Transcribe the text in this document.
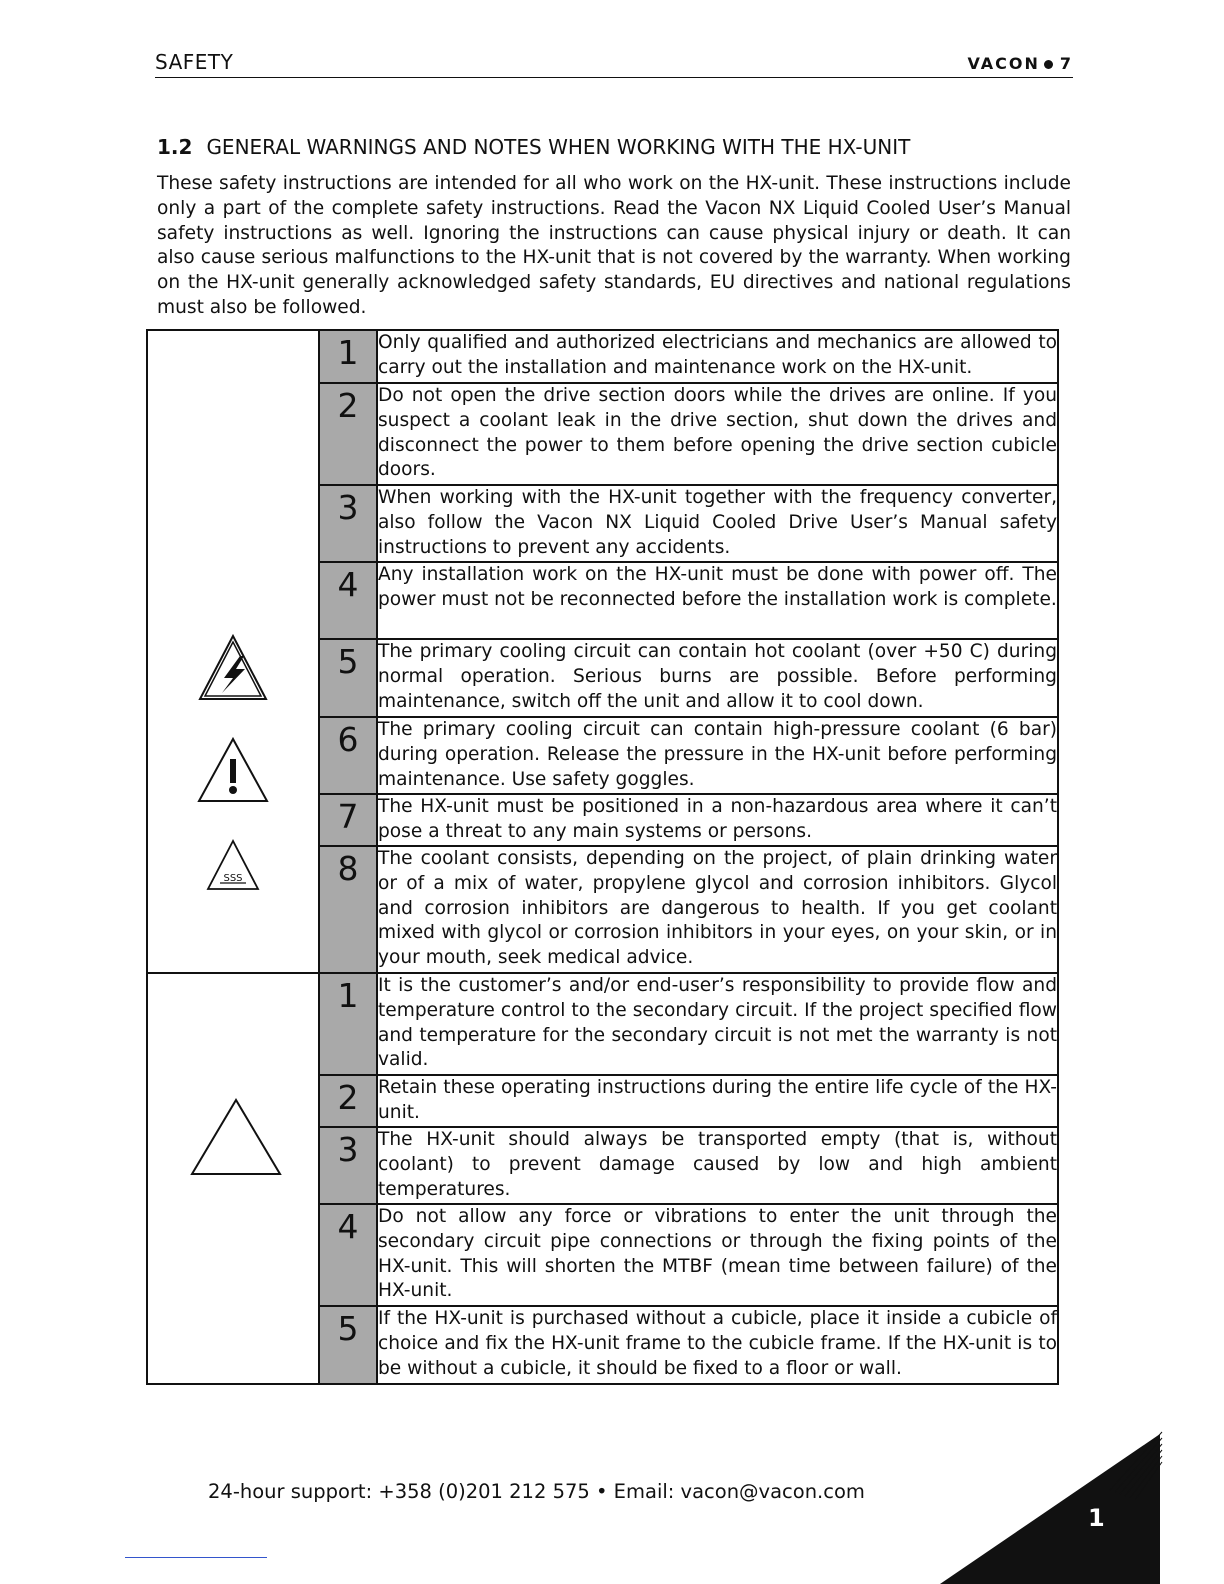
SAFETY	VACON 7
1.2 GENERAL WARNINGS AND NOTES WHEN WORKING WITH THE HX-UNIT
These safety instructions are intended for all who work on the HX-unit. These instructions include only a part of the complete safety instructions. Read the Vacon NX Liquid Cooled User’s Manual safety instructions as well. Ignoring the instructions can cause physical injury or death. It can also cause serious malfunctions to the HX-unit that is not covered by the warranty. When working on the HX-unit generally acknowledged safety standards, EU directives and national regulations must also be followed.
SSS	1	Only qualified and authorized electricians and mechanics are allowed to carry out the installation and maintenance work on the HX-unit.
	2	Do not open the drive section doors while the drives are online. If you suspect a coolant leak in the drive section, shut down the drives and disconnect the power to them before opening the drive section cubicle doors.
	3	When working with the HX-unit together with the frequency converter, also follow the Vacon NX Liquid Cooled Drive User’s Manual safety instructions to prevent any accidents.
	4	Any installation work on the HX-unit must be done with power off. The power must not be reconnected before the installation work is complete.
	5	The primary cooling circuit can contain hot coolant (over +50 C) during normal operation. Serious burns are possible. Before performing maintenance, switch off the unit and allow it to cool down.
	6	The primary cooling circuit can contain high-pressure coolant (6 bar) during operation. Release the pressure in the HX-unit before performing maintenance. Use safety goggles.
	7	The HX-unit must be positioned in a non-hazardous area where it can’t pose a threat to any main systems or persons.
	8	The coolant consists, depending on the project, of plain drinking water or of a mix of water, propylene glycol and corrosion inhibitors. Glycol and corrosion inhibitors are dangerous to health. If you get coolant mixed with glycol or corrosion inhibitors in your eyes, on your skin, or in your mouth, seek medical advice.

	1	It is the customer’s and/or end-user’s responsibility to provide flow and temperature control to the secondary circuit. If the project specified flow and temperature for the secondary circuit is not met the warranty is not valid.
	2	Retain these operating instructions during the entire life cycle of the HX-unit.
	3	The HX-unit should always be transported empty (that is, without coolant) to prevent damage caused by low and high ambient temperatures.
	4	Do not allow any force or vibrations to enter the unit through the secondary circuit pipe connections or through the fixing points of the HX-unit. This will shorten the MTBF (mean time between failure) of the HX-unit.
	5	If the HX-unit is purchased without a cubicle, place it inside a cubicle of choice and fix the HX-unit frame to the cubicle frame. If the HX-unit is to be without a cubicle, it should be fixed to a floor or wall.
24-hour support: +358 (0)201 212 575 • Email: vacon@vacon.com
1
